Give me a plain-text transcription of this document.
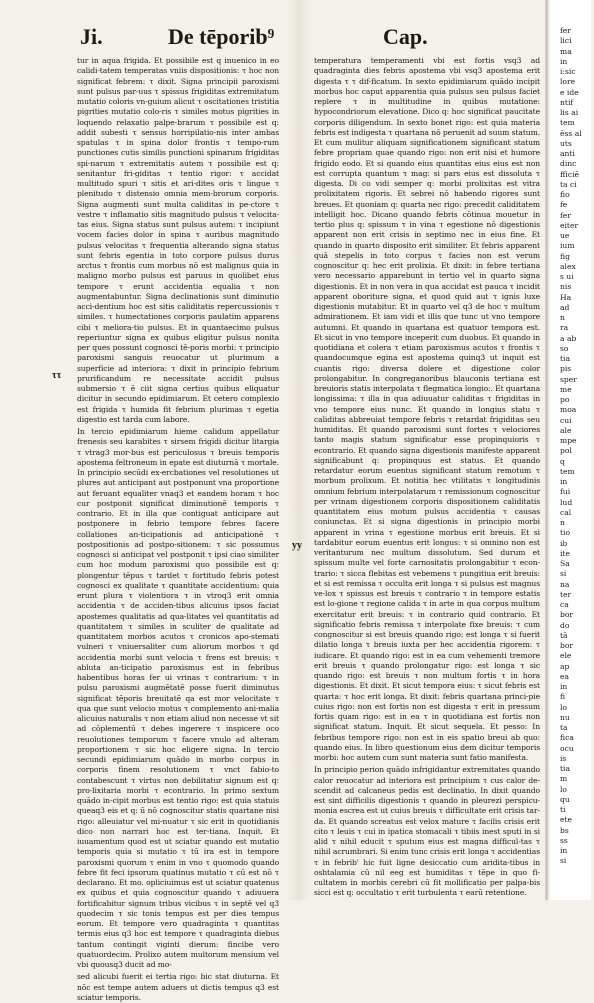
Ji.	De tēporib⁹	Cap.

tur in aqua frigida. Et possibile est q inuenico in eo calidi-tatem temperatas vniis dispositionis: τ hoc non significat febrem: τ dixit. Signa principii paroxismi sunt pulsus par-uus τ spissus frigiditas extremitatum mutatio coloris vn-guium alicut τ oscitationes tristitia pigrities mutatio colo-ris τ similes motus pigrities in loquendo relaxatio palpe-brarum τ possibile est q: addit subesti τ sensus horripilatio-nis inter ambas spatulas τ in spina dolor frontis τ tempo-rum punctiones cutis similis punctioni spinarum frigiditas spi-narum τ extremitatis autem τ possibile est q: senitantur fri-giditas τ tentio rigor: τ accidat multitudo spuri τ sitis et ari-dites oris τ lingue τ plenitudo τ distensio omnia mem-brorum corporis. Signa augmenti sunt multa caliditas in pe-ctore τ vestre τ inflamatio sitis magnitudo pulsus τ velocita-tas eius. Signa status sunt pulsus autem: τ incipiunt vocem facies dolor in spina τ auribus magnitudo pulsus velocitas τ frequentia alterando signa status sunt febris egentia in toto corpore pulsus durus arctus τ frontis cum morbus nō est malignus quia in maligno morbo pulsus est paruus in quolibet eius tempore τ erunt accidentia equalia τ non augmentabuntur. Signa declinationis sunt diminutio acci-dentium hoc est sitis caliditatis repercussionis τ similes. τ humectationes corporis paulatim apparens cibi τ meliora-tio pulsus. Et in quantaecimo pulsus reperiuntur signa ex quibus eligitur pulsus nonita per ques possunt cognosci tē-poris morbi: τ principio paroxismi sanguis reuocatur ut plurimum a superficie ad interiora: τ dixit in principio febrium prurificandum re necessitate accidit pulsus submersio τ ē ciit signa certius quibus eliquatur dicitur in secundo epidimiarum. Et cetero complexio est frigida τ humida fit febrium plurimas τ egetia digestio est tarda cum labore.

In tercio epidimiarum hieme calidum appellatur frenesis seu karabites τ sirsem frigidi dicitur litargia τ vtrag3 mor-bus est periculosus τ breuis temporis apostema feltroneum in epate est diuturnā τ mortale. In principio secūdi ex-ercbationes vel resolutiones ut plures aut anticipant aut postponunt vna proportione aut feruant equaliter vnaq3 et eandem horam τ hoc cur postponit significat diminutionē temporis τ contrario. Et in illa que contiguat anticipare aut postponere in febrio tempore febres facere collationes an-ticipationis ad anticipationē τ postpositionis ad postpo-sitionem: τ sic possumus cognosci si anticipat vel postponit τ ipsi ciao similiter cum hoc modum paroxismi quo possibile est q: plongentur tēpus τ tardet τ fortitudo febris potest cognosci ex qualitate τ quantitate accidentium: quia erunt plura τ violentiora τ in vtroq3 erit omnia accidentia τ de acciden-tibus alicuius ipsos faciat apostemes qualitatis ad qua-litates vel quantitatis ad quantitatem τ similes in sculiter de qualitate ad quantitatem morbos acutos τ cronicos apo-stemati vulneri τ vniuersaliter cum aliorum morbos τ qd accidentia morbi sunt velocia τ frens est breuis: τ abluta an-ticipatio paroxismus est in febribus habentibus horas fer ui vrinas τ contrarium: τ in pulsu paroxismi augmētatē posse fuerit diminutus significat tēporis breuitatē qa est mor velocitate τ qua que sunt velocio motus τ complemento ani-malia alicuius naturalis τ non etiam aliud non necesse vt sit ad cōplementū τ debes ingerere τ inspicere oco reuolutiones temporum τ facere vnulo ad alteram proportionem τ sic hoc eligere signa. In tercio secundi epidimiarum quādo in morbo corpus in corporis finem resolutionem τ vnct fabio-to contabescunt τ virtus non debilitatur signum est q: pro-lixitaria morbi τ econtrario. In primo sextum quādo in-cipit morbus est tentio rigo: est quia statuis queaq3 eis et q: ū nō cognoscitur statis quartane nisi rigo: alleuiatur vel mi-nuatur τ sic erit in quotidianis dico non narrari hoc est ter-tiana. Inquit. Et iuuamentum quod est ut sciatur quando est mutatio temporis quia si mutatio τ tū ira est in tempore paroxismi quorum τ enim in vno τ quomodo quando febre fit feci ipsorum quatinus mutatio τ cū est nō τ declarano. Et mo. opliciuimus est ut sciatur quatenus ex quibus et quia cognoscitur quando τ adiuuera fortificabitur signum tribus vicibus τ in septē vel q3 quodecim τ sic tonis tempus est per dies tempus eorum. Et tempore vero quadraginta τ quantitas termis eius q3 hoc est tempore τ quadraginta diebus tantum contingit viginti dierum: fincibe vero quatuordecim. Prolixo autem multorum mensium vel vbi quousq3 ducit ad mo-

sed alicubi fuerit ei tertia rigo: bic stat diuturna. Et nōc est tempe autem aduers ut dictis tempus q3 est sciatur temporis.

ττ
yy

temperatura temperamenti vbi est fortis vsq3 ad quadraginta dies febris apostema vbi vsq3 apostema erit digesta τ τ dif-ficatum. In sexto epidimiarum quādo incipit morbus hoc caput apparentia quia pulsus seu pulsus faciet replere τ in multitudine in quibus mutatione: hypocondriorum elevatione. Dico q: hoc significat paucitate corporis diligendum. In sexto bonet rigo: est quia materia febris est indigesta τ quartana nō peruenit ad suum statum. Et cum mulitur aliquam significationem significant statum febre propriam quae quando rigo: non erit nisi et humore frigido eodo. Et si quando eius quantitas eius eius est non est corrupta quantum τ mag: si pars eius est dissoluta τ digesta. Di co vidi semper q: morbi prolixitas est vitra prolixitatem rigoris. Et sebrei nō habendo rigores sunt breues. Et quoniam q: quarta nec rigo: precedit caliditatem intelligit hoc. Dicano quando febris cōtinua mouetur in tertio plus q: spissum τ in vina τ egestione nō digestionis apparent non erit crisis in septimo nec in eius fine. Et quando in quarto disposito erit similiter. Et febris apparent quā stepelis in toto corpus τ facies non est verum cognoscitur q: hec erit prolixia. Et dixit: in febre tertiana vero necessario apparebunt in tertio vel in quarto signa digestionis. Et in non vera in qua accidat est pauca τ incidit apparent oboriture signa, et quod quid aut τ ignis luxe digestionis mutabitur. Et in quarto vel q3 de hoc τ multum admirationem. Et iam vidi et illis que tunc ut vno tempore autumni. Et quando in quartana est quatuor tempora est. Et sicut in vno tempore inceperit cum duobus. Et quando in quotidiana et colera τ etiam paroxismus acutos τ frontis τ quandocumque egina est apostema quinq3 ut inquit est cuantis rigo: diversa dolere et digestione color prolongabitur. In congreganoribus blauconis tertiana est breuioris statis interpolata τ flegmatica longio:. Et quartana longissima: τ illa in qua adiuuatur caliditas τ frigiditas in vno tempore eius nunc. Et quando in longius statu τ caliditas abbreuiat tempore febris τ retardat frigiditas seu humiditas. Et quando paroxismi sunt fortes τ velociores tanto magis statum significatur esse propinquioris τ econtrario. Et quando signa digestionis manifeste apparent significabunt q: propinquus est status. Et quando retardatur eorum euentus significant statum remotum τ morbum prolixum. Et notitia hec vtilitatis τ longitudinis omnium febrium interpolatarum τ remissionum cognoscitur per vrinam digestionem corporis dispositionem caliditatis quantitatem eius motum pulsus accidentia τ causas coniunctas. Et si signa digestionis in principio morbi apparent in vrina τ egestione morbus erit breuis. Et si tardabitur eorum euentus erit longus: τ si omnino non est veritanturum nec multum dissolutum. Sed durum et spissum multe vel forte carnositatis prolongabitur τ econ-trario: τ sicca flebitas est vebemens τ pungitiua erit breuis: et si est remissa τ occulta erit longa τ si pulsus est magnus ve-lox τ spissus est breuis τ contrario τ in tempore estatis est lo-gione τ regione calida τ in arte in qua corpus multum exercitatur erit breuis: τ in contrario quid contrario. Et significatio febris remissa τ interpolate fixe breuis: τ cum congnoscitur si est breuis quando rigo: est longa τ si fuerit dilatio longa τ breuis iuxta per hec accidentia rigorem: τ iudicare. Et quando rigo: est in ea cum vehementi tremore erit breuis τ quando prolongatur rigo: est longa τ sic quando rigo: est breuis τ non multum fortis τ in hora digestionis. Et dixit. Et sicut tempora eius: τ sicut febris est quarta: τ hoc erit longa. Et dixit: febris quartana princi-pie cuius rigo: non est fortis non est digesta τ erit in pressum fortis quam rigo: est in ea τ in quotidiana est fortis non significat statum. Inquit. Et sicut sequela. Et pesso: In febribus tempore rigo: non est in eis spatio breui ab quo: quando eius. In libro questionum eius dem dicitur temporis morbi: hoc autem cum sunt materia sunt fatio manifesta.

In principio perion quādo infrigidantur extremitates quando calor reuocatur ad interiora est principium τ cus calor de-scendit ad calcaneus pedis est declinatio. In dixit quando est sint difficilis digestionis τ quando in pleurezi perspicu-monia escrea est ut cuius breuis τ difficultate erit crisis tar-da. Et quando screatus est velox mature τ facilis crisis erit cito τ leuis τ cui in ipatica stomacali τ tibiis inest sputi in si alid τ nihil educit τ sputum eius est magna difficul-tas τ nihil acrumbrari. Si enim tunc crisis erit longa τ accidentias τ in febrib' hic fuit ligne desiccatio cum aridita-tibus in oshtalamia cū nil eeg est humiditas τ tēpe in quo fi-cultatem in morbis cerebri cū fit mollificatio per palpa-bis sicci est q: occultatio τ erit turbulenta τ earū retentione.

fer
lici
ma
in
i:sic
lore
e ide
ntif
lis ai
tem
ēss al
uts
anti
dinc
fficiē
ta ci
fio
fe
fer
eiter
ue
ium
fig
alex
s ui
nis
Ha
ad
n
ra
a ab
so
tia
pis
sper
me
po
moa
cui
ale
mpe
pol
q
tem
in
fui
lud
cal
n
tio
ib
ite
Sa
si
na
ter
ca
bor
do
tā
bor
ele
ap
ea
in
fi
lo
nu
ta
fica
ocu
is
tia
m
lo
qu
ti
ete
bs
ss
in
si
